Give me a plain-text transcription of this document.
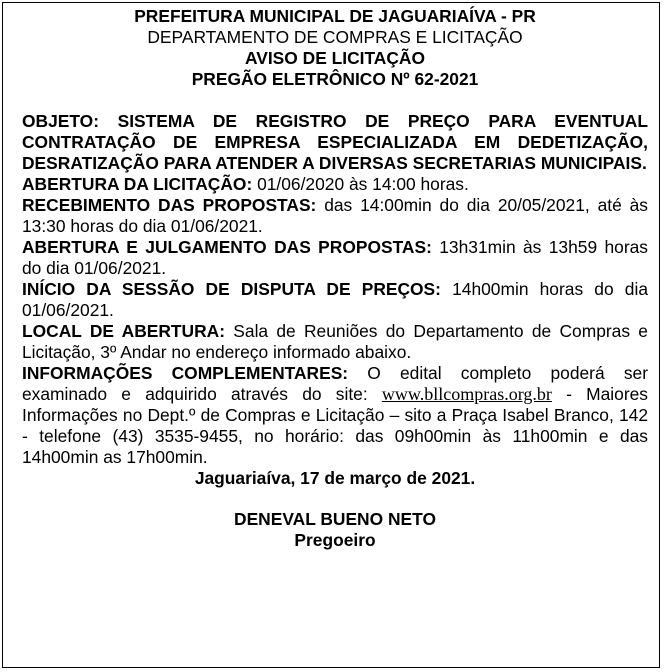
PREFEITURA MUNICIPAL DE JAGUARIAÍVA - PR

DEPARTAMENTO DE COMPRAS E LICITAÇÃO

AVISO DE LICITAÇÃO

PREGÃO ELETRÔNICO Nº 62-2021

OBJETO: SISTEMA DE REGISTRO DE PREÇO PARA EVENTUAL CONTRATAÇÃO DE EMPRESA ESPECIALIZADA EM DEDETIZAÇÃO, DESRATIZAÇÃO PARA ATENDER A DIVERSAS SECRETARIAS MUNICIPAIS.

ABERTURA DA LICITAÇÃO: 01/06/2020 às 14:00 horas.

RECEBIMENTO DAS PROPOSTAS: das 14:00min do dia 20/05/2021, até às 13:30 horas do dia 01/06/2021.

ABERTURA E JULGAMENTO DAS PROPOSTAS: 13h31min às 13h59 horas do dia 01/06/2021.

INÍCIO DA SESSÃO DE DISPUTA DE PREÇOS: 14h00min horas do dia 01/06/2021.

LOCAL DE ABERTURA: Sala de Reuniões do Departamento de Compras e Licitação, 3º Andar no endereço informado abaixo.

INFORMAÇÕES COMPLEMENTARES: O edital completo poderá ser examinado e adquirido através do site: www.bllcompras.org.br - Maiores Informações no Dept.º de Compras e Licitação – sito a Praça Isabel Branco, 142 - telefone (43) 3535-9455, no horário: das 09h00min às 11h00min e das 14h00min as 17h00min.

Jaguariaíva, 17 de março de 2021.

DENEVAL BUENO NETO

Pregoeiro
